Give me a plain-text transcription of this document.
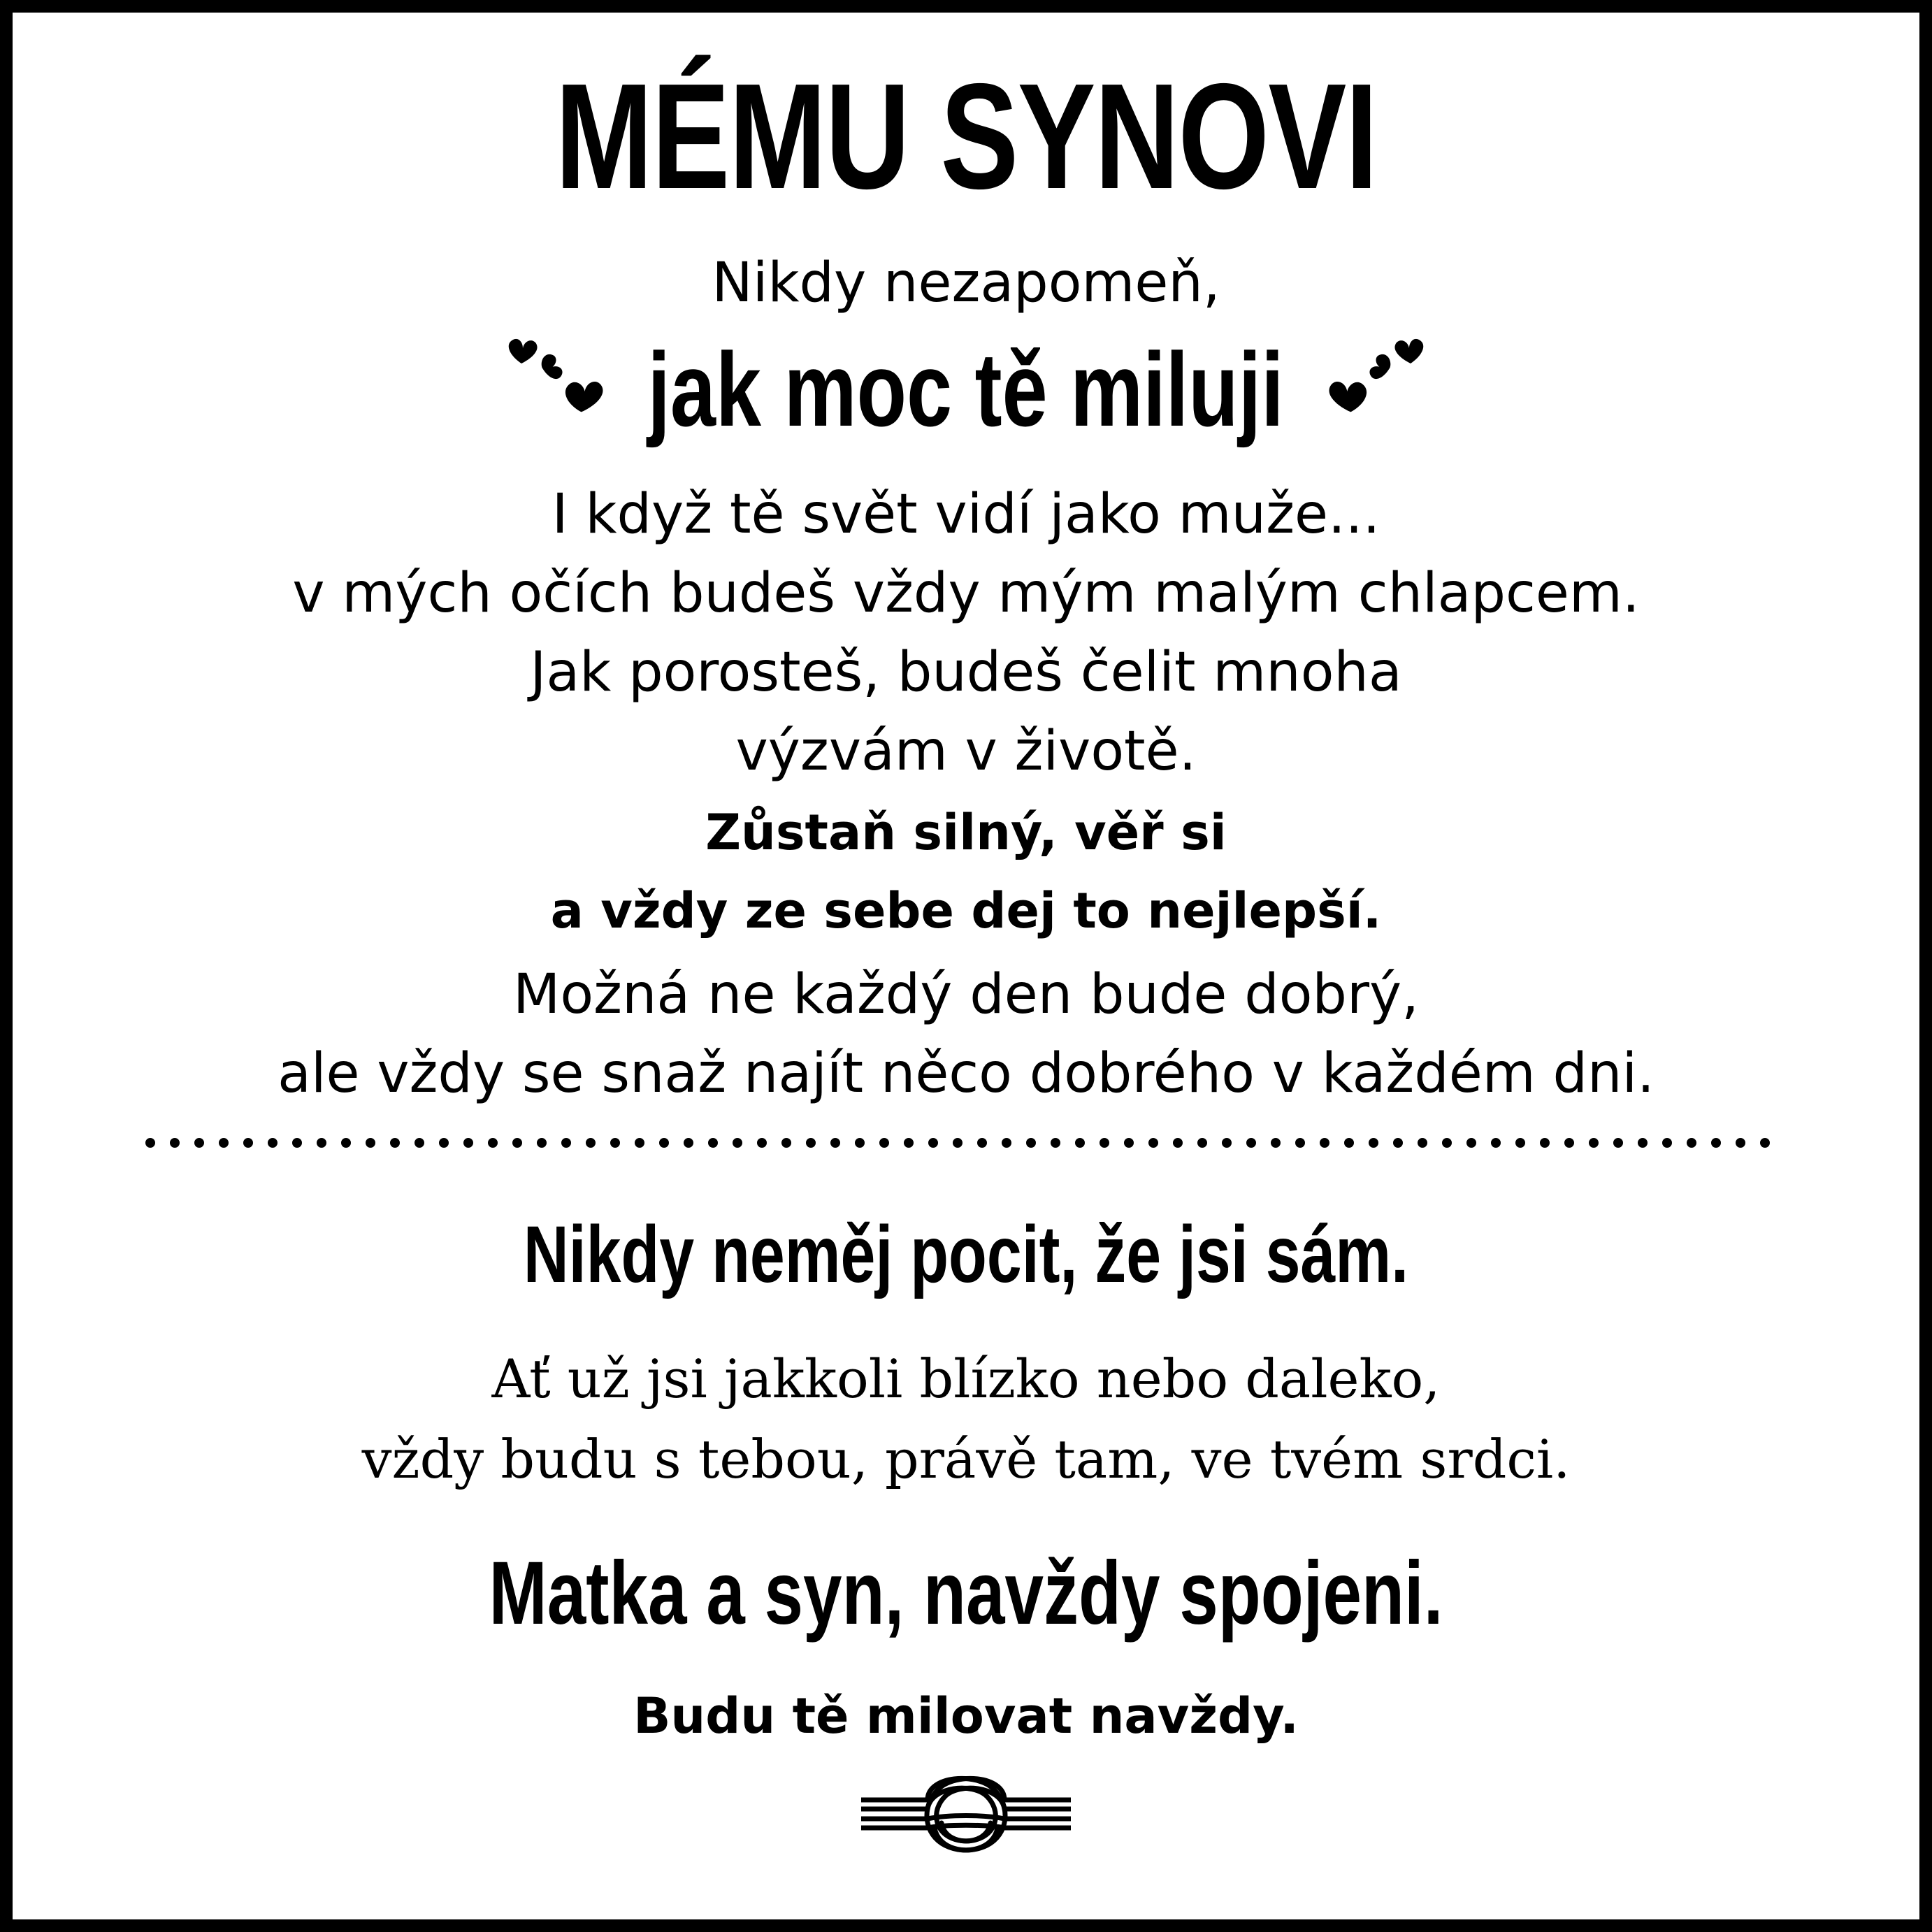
MÉMU SYNOVI
Nikdy nezapomeň,
jak moc tě miluji
I když tě svět vidí jako muže...
v mých očích budeš vždy mým malým chlapcem.
Jak porosteš, budeš čelit mnoha
výzvám v životě.
Zůstaň silný, věř si
a vždy ze sebe dej to nejlepší.
Možná ne každý den bude dobrý,
ale vždy se snaž najít něco dobrého v každém dni.
Nikdy neměj pocit, že jsi sám.
Ať už jsi jakkoli blízko nebo daleko,
vždy budu s tebou, právě tam, ve tvém srdci.
Matka a syn, navždy spojeni.
Budu tě milovat navždy.
